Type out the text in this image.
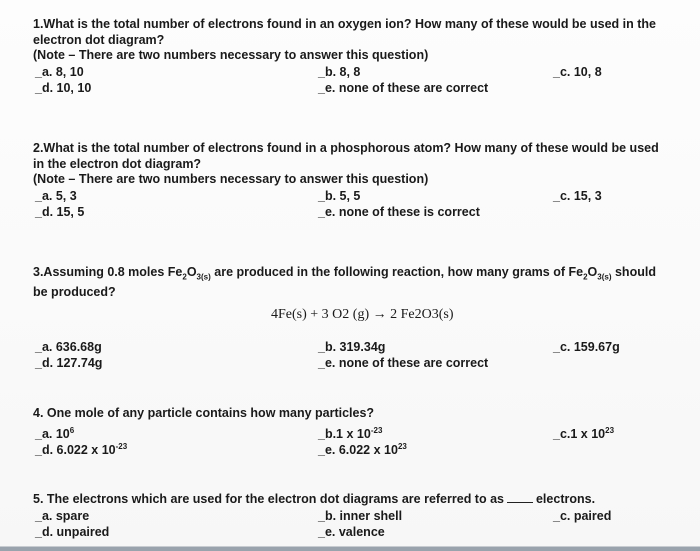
1.What is the total number of electrons found in an oxygen ion? How many of these would be used in the electron dot diagram?
(Note – There are two numbers necessary to answer this question)
_a. 8, 10	_b. 8, 8	_c. 10, 8
_d. 10, 10	_e. none of these are correct
2.What is the total number of electrons found in a phosphorous atom? How many of these would be used in the electron dot diagram?
(Note – There are two numbers necessary to answer this question)
_a. 5, 3	_b. 5, 5	_c. 15, 3
_d. 15, 5	_e. none of these is correct
3.Assuming 0.8 moles $Fe_2O_{3(s)}$ are produced in the following reaction, how many grams of $Fe_2O_{3(s)}$ should be produced?
4Fe(s) + 3 O2 (g) → 2 Fe2O3(s)
_a. 636.68g	_b. 319.34g	_c. 159.67g
_d. 127.74g	_e. none of these are correct
4. One mole of any particle contains how many particles?
_a. $10^6$	_b.1 x $10^{-23}$	_c.1 x $10^{23}$
_d. 6.022 x $10^{-23}$	_e. 6.022 x $10^{23}$
5. The electrons which are used for the electron dot diagrams are referred to as	electrons.
_a. spare	_b. inner shell	_c. paired
_d. unpaired	_e. valence
